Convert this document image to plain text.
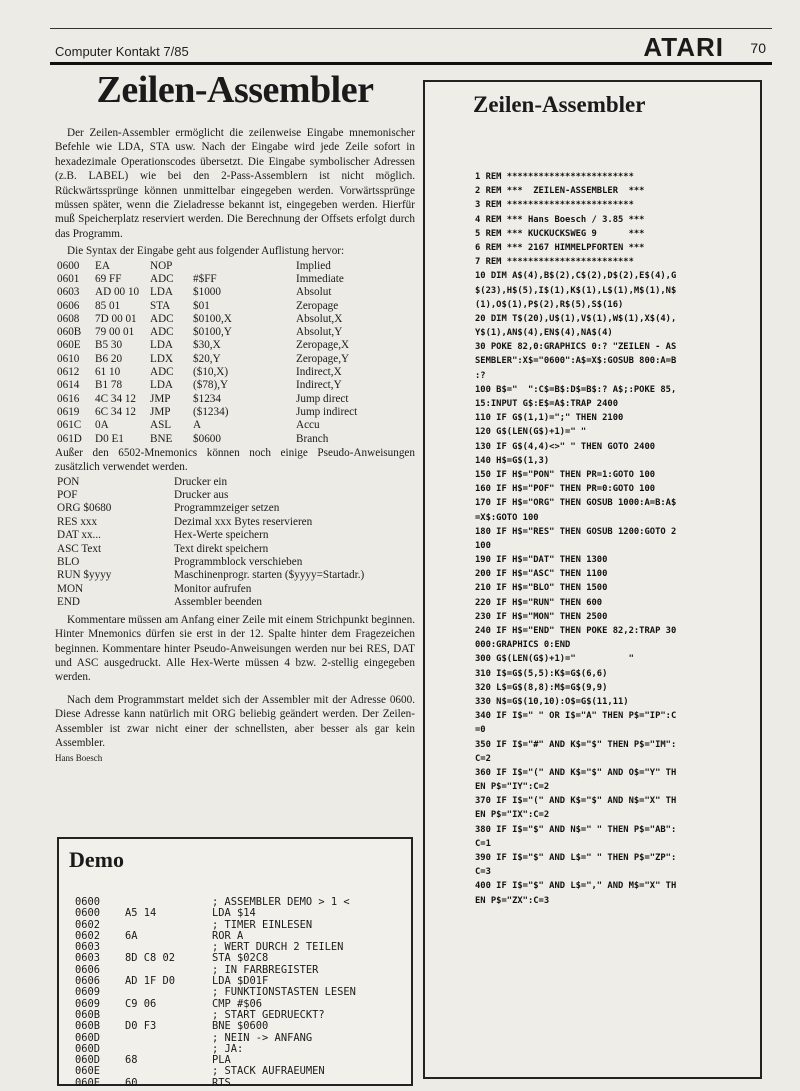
Computer Kontakt 7/85	ATARI 70
Zeilen-Assembler

Der Zeilen-Assembler ermöglicht die zeilenweise Eingabe mnemonischer Befehle wie LDA, STA usw. Nach der Eingabe wird jede Zeile sofort in hexadezimale Operationscodes übersetzt. Die Eingabe symbolischer Adressen (z.B. LABEL) wie bei den 2-Pass-Assemblern ist nicht möglich. Rückwärtssprünge können unmittelbar eingegeben werden. Vorwärtssprünge müssen später, wenn die Zieladresse bekannt ist, eingegeben werden. Hierfür muß Speicherplatz reserviert werden. Die Berechnung der Offsets erfolgt durch das Programm.

Die Syntax der Eingabe geht aus folgender Auflistung hervor:

0600	EA	NOP		Implied
0601	69 FF	ADC	#$FF	Immediate
0603	AD 00 10	LDA	$1000	Absolut
0606	85 01	STA	$01	Zeropage
0608	7D 00 01	ADC	$0100,X	Absolut,X
060B	79 00 01	ADC	$0100,Y	Absolut,Y
060E	B5 30	LDA	$30,X	Zeropage,X
0610	B6 20	LDX	$20,Y	Zeropage,Y
0612	61 10	ADC	($10,X)	Indirect,X
0614	B1 78	LDA	($78),Y	Indirect,Y
0616	4C 34 12	JMP	$1234	Jump direct
0619	6C 34 12	JMP	($1234)	Jump indirect
061C	0A	ASL	A	Accu
061D	D0 E1	BNE	$0600	Branch

Außer den 6502-Mnemonics können noch einige Pseudo-Anweisungen zusätzlich verwendet werden.

PON	Drucker ein
POF	Drucker aus
ORG $0680	Programmzeiger setzen
RES xxx	Dezimal xxx Bytes reservieren
DAT xx...	Hex-Werte speichern
ASC Text	Text direkt speichern
BLO	Programmblock verschieben
RUN $yyyy	Maschinenprogr. starten ($yyyy=Startadr.)
MON	Monitor aufrufen
END	Assembler beenden

Kommentare müssen am Anfang einer Zeile mit einem Strichpunkt beginnen. Hinter Mnemonics dürfen sie erst in der 12. Spalte hinter dem Fragezeichen beginnen. Kommentare hinter Pseudo-Anweisungen werden nur bei RES, DAT und ASC ausgedruckt. Alle Hex-Werte müssen 4 bzw. 2-stellig eingegeben werden.

Nach dem Programmstart meldet sich der Assembler mit der Adresse 0600. Diese Adresse kann natürlich mit ORG beliebig geändert werden. Der Zeilen-Assembler ist zwar nicht einer der schnellsten, aber besser als gar kein Assembler.

Hans Boesch
Demo
0600	; ASSEMBLER DEMO > 1 <
0600 A5 14	LDA $14
0602	; TIMER EINLESEN
0602 6A	ROR A
0603	; WERT DURCH 2 TEILEN
0603 8D C8 02	STA $02C8
0606	; IN FARBREGISTER
0606 AD 1F D0	LDA $D01F
0609	; FUNKTIONSTASTEN LESEN
0609 C9 06	CMP #$06
060B	; START GEDRUECKT?
060B D0 F3	BNE $0600
060D	; NEIN -> ANFANG
060D	; JA:
060D 68	PLA
060E	; STACK AUFRAEUMEN
060E 60	RTS
Zeilen-Assembler
1 REM ************************
2 REM ***  ZEILEN-ASSEMBLER  ***
3 REM ************************
4 REM *** Hans Boesch / 3.85 ***
5 REM *** KUCKUCKSWEG 9      ***
6 REM *** 2167 HIMMELPFORTEN ***
7 REM ************************
10 DIM A$(4),B$(2),C$(2),D$(2),E$(4),G
$(23),H$(5),I$(1),K$(1),L$(1),M$(1),N$
(1),O$(1),P$(2),R$(5),S$(16)
20 DIM T$(20),U$(1),V$(1),W$(1),X$(4),
Y$(1),AN$(4),EN$(4),NA$(4)
30 POKE 82,0:GRAPHICS 0:? "ZEILEN - AS
SEMBLER":X$="0600":A$=X$:GOSUB 800:A=B
:?
100 B$="  ":C$=B$:D$=B$:? A$;:POKE 85,
15:INPUT G$:E$=A$:TRAP 2400
110 IF G$(1,1)=";" THEN 2100
120 G$(LEN(G$)+1)=" "
130 IF G$(4,4)<>" " THEN GOTO 2400
140 H$=G$(1,3)
150 IF H$="PON" THEN PR=1:GOTO 100
160 IF H$="POF" THEN PR=0:GOTO 100
170 IF H$="ORG" THEN GOSUB 1000:A=B:A$
=X$:GOTO 100
180 IF H$="RES" THEN GOSUB 1200:GOTO 2
100
190 IF H$="DAT" THEN 1300
200 IF H$="ASC" THEN 1100
210 IF H$="BLO" THEN 1500
220 IF H$="RUN" THEN 600
230 IF H$="MON" THEN 2500
240 IF H$="END" THEN POKE 82,2:TRAP 30
000:GRAPHICS 0:END
300 G$(LEN(G$)+1)="          "
310 I$=G$(5,5):K$=G$(6,6)
320 L$=G$(8,8):M$=G$(9,9)
330 N$=G$(10,10):O$=G$(11,11)
340 IF I$=" " OR I$="A" THEN P$="IP":C
=0
350 IF I$="#" AND K$="$" THEN P$="IM":
C=2
360 IF I$="(" AND K$="$" AND O$="Y" TH
EN P$="IY":C=2
370 IF I$="(" AND K$="$" AND N$="X" TH
EN P$="IX":C=2
380 IF I$="$" AND N$=" " THEN P$="AB":
C=1
390 IF I$="$" AND L$=" " THEN P$="ZP":
C=3
400 IF I$="$" AND L$="," AND M$="X" TH
EN P$="ZX":C=3
